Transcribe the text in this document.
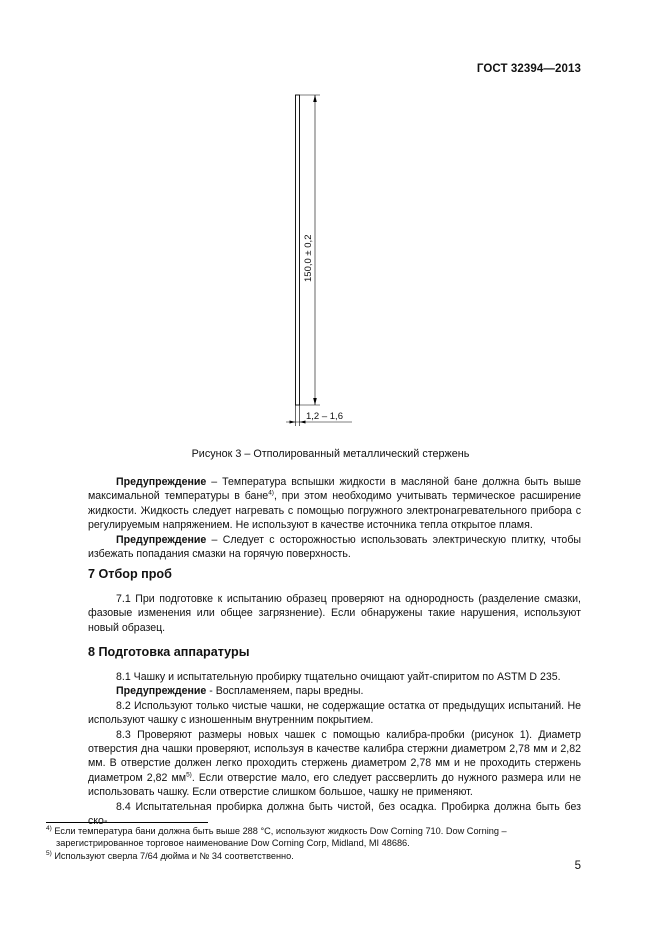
ГОСТ 32394—2013
150,0 ± 0,2
1,2 – 1,6
Рисунок 3 – Отполированный металлический стержень

Предупреждение – Температура вспышки жидкости в масляной бане должна быть выше максимальной температуры в бане$^{4)}$, при этом необходимо учитывать термическое расширение жидкости. Жидкость следует нагревать с помощью погружного электронагревательного прибора с регулируемым напряжением. Не используют в качестве источника тепла открытое пламя.

Предупреждение – Следует с осторожностью использовать электрическую плитку, чтобы избежать попадания смазки на горячую поверхность.

7 Отбор проб

7.1 При подготовке к испытанию образец проверяют на однородность (разделение смазки, фазовые изменения или общее загрязнение). Если обнаружены такие нарушения, используют новый образец.

8 Подготовка аппаратуры

8.1 Чашку и испытательную пробирку тщательно очищают уайт-спиритом по ASTM D 235.

Предупреждение - Воспламеняем, пары вредны.

8.2 Используют только чистые чашки, не содержащие остатка от предыдущих испытаний. Не используют чашку с изношенным внутренним покрытием.

8.3 Проверяют размеры новых чашек с помощью калибра-пробки (рисунок 1). Диаметр отверстия дна чашки проверяют, используя в качестве калибра стержни диаметром 2,78 мм и 2,82 мм. В отверстие должен легко проходить стержень диаметром 2,78 мм и не проходить стержень диаметром 2,82 $мм^{5)}$. Если отверстие мало, его следует рассверлить до нужного размера или не использовать чашку. Если отверстие слишком большое, чашку не применяют.

8.4 Испытательная пробирка должна быть чистой, без осадка. Пробирка должна быть без ско-

$^{4)}$ Если температура бани должна быть выше 288 °С, используют жидкость Dow Corning 710. Dow Corning – зарегистрированное торговое наименование Dow Corning Corp, Midland, MI 48686.

$^{5)}$ Используют сверла 7/64 дюйма и № 34 соответственно.

5
